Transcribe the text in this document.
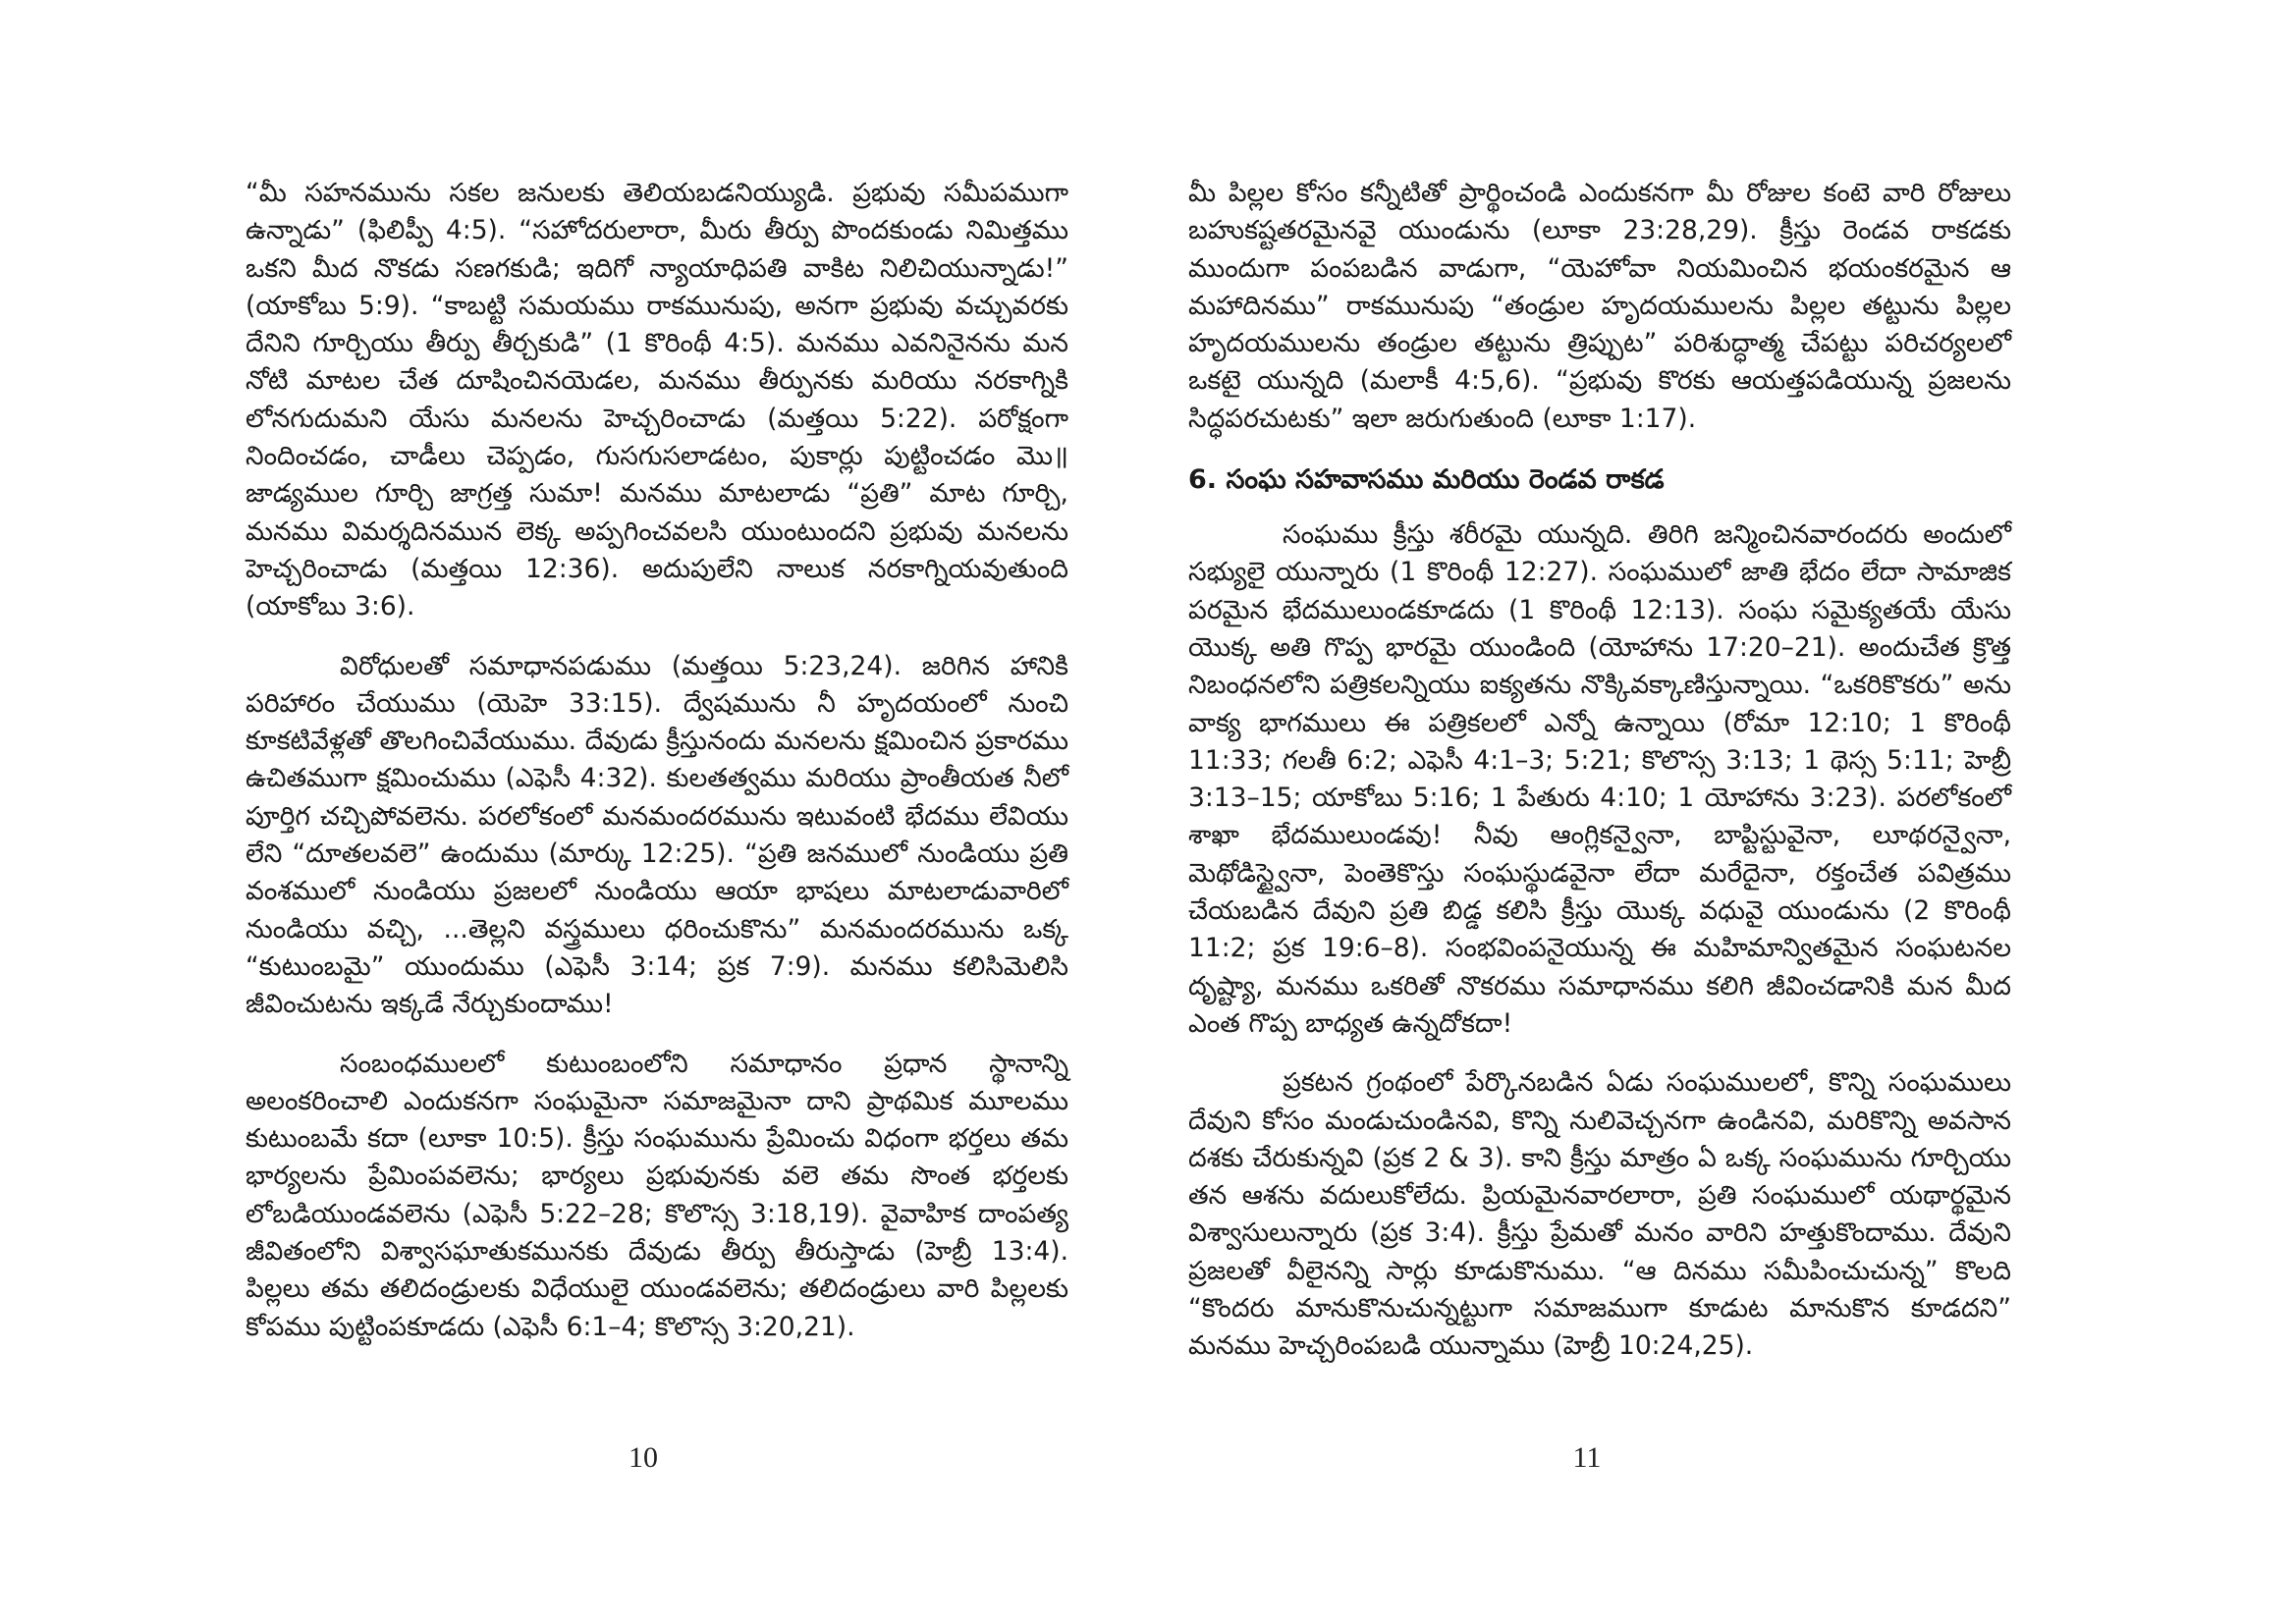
“మీ సహనమును సకల జనులకు తెలియబడనియ్యుడి. ప్రభువు సమీపముగా ఉన్నాడు” (ఫిలిప్పీ 4:5). “సహోదరులారా, మీరు తీర్పు పొందకుండు నిమిత్తము ఒకని మీద నొకడు సణగకుడి; ఇదిగో న్యాయాధిపతి వాకిట నిలిచియున్నాడు!” (యాకోబు 5:9). “కాబట్టి సమయము రాకమునుపు, అనగా ప్రభువు వచ్చువరకు దేనిని గూర్చియు తీర్పు తీర్చకుడి” (1 కొరింథీ 4:5). మనము ఎవనినైనను మన నోటి మాటల చేత దూషించినయెడల, మనము తీర్పునకు మరియు నరకాగ్నికి లోనగుదుమని యేసు మనలను హెచ్చరించాడు (మత్తయి 5:22). పరోక్షంగా నిందించడం, చాడీలు చెప్పడం, గుసగుసలాడటం, పుకార్లు పుట్టించడం మొ॥ జాడ్యముల గూర్చి జాగ్రత్త సుమా! మనము మాటలాడు “ప్రతి” మాట గూర్చి, మనము విమర్శదినమున లెక్క అప్పగించవలసి యుంటుందని ప్రభువు మనలను హెచ్చరించాడు (మత్తయి 12:36). అదుపులేని నాలుక నరకాగ్నియవుతుంది (యాకోబు 3:6).

విరోధులతో సమాధానపడుము (మత్తయి 5:23,24). జరిగిన హానికి పరిహారం చేయుము (యెహె 33:15). ద్వేషమును నీ హృదయంలో నుంచి కూకటివేళ్లతో తొలగించివేయుము. దేవుడు క్రీస్తునందు మనలను క్షమించిన ప్రకారము ఉచితముగా క్షమించుము (ఎఫెసీ 4:32). కులతత్వము మరియు ప్రాంతీయత నీలో పూర్తిగ చచ్చిపోవలెను. పరలోకంలో మనమందరమును ఇటువంటి భేదము లేవియు లేని “దూతలవలె” ఉందుము (మార్కు 12:25). “ప్రతి జనములో నుండియు ప్రతి వంశములో నుండియు ప్రజలలో నుండియు ఆయా భాషలు మాటలాడువారిలో నుండియు వచ్చి, ...తెల్లని వస్త్రములు ధరించుకొను” మనమందరమును ఒక్క “కుటుంబమై” యుందుము (ఎఫెసీ 3:14; ప్రక 7:9). మనము కలిసిమెలిసి జీవించుటను ఇక్కడే నేర్చుకుందాము!

సంబంధములలో కుటుంబంలోని సమాధానం ప్రధాన స్థానాన్ని అలంకరించాలి ఎందుకనగా సంఘమైనా సమాజమైనా దాని ప్రాథమిక మూలము కుటుంబమే కదా (లూకా 10:5). క్రీస్తు సంఘమును ప్రేమించు విధంగా భర్తలు తమ భార్యలను ప్రేమింపవలెను; భార్యలు ప్రభువునకు వలె తమ సొంత భర్తలకు లోబడియుండవలెను (ఎఫెసీ 5:22–28; కొలొస్స 3:18,19). వైవాహిక దాంపత్య జీవితంలోని విశ్వాసఘాతుకమునకు దేవుడు తీర్పు తీరుస్తాడు (హెబ్రీ 13:4). పిల్లలు తమ తలిదండ్రులకు విధేయులై యుండవలెను; తలిదండ్రులు వారి పిల్లలకు కోపము పుట్టింపకూడదు (ఎఫెసీ 6:1–4; కొలొస్స 3:20,21).

మీ పిల్లల కోసం కన్నీటితో ప్రార్థించండి ఎందుకనగా మీ రోజుల కంటె వారి రోజులు బహుకష్టతరమైనవై యుండును (లూకా 23:28,29). క్రీస్తు రెండవ రాకడకు ముందుగా పంపబడిన వాడుగా, “యెహోవా నియమించిన భయంకరమైన ఆ మహాదినము” రాకమునుపు “తండ్రుల హృదయములను పిల్లల తట్టును పిల్లల హృదయములను తండ్రుల తట్టును త్రిప్పుట” పరిశుద్ధాత్మ చేపట్టు పరిచర్యలలో ఒకటై యున్నది (మలాకీ 4:5,6). “ప్రభువు కొరకు ఆయత్తపడియున్న ప్రజలను సిద్ధపరచుటకు” ఇలా జరుగుతుంది (లూకా 1:17).

6. సంఘ సహవాసము మరియు రెండవ రాకడ

సంఘము క్రీస్తు శరీరమై యున్నది. తిరిగి జన్మించినవారందరు అందులో సభ్యులై యున్నారు (1 కొరింథీ 12:27). సంఘములో జాతి భేదం లేదా సామాజిక పరమైన భేదములుండకూడదు (1 కొరింథీ 12:13). సంఘ సమైక్యతయే యేసు యొక్క అతి గొప్ప భారమై యుండింది (యోహాను 17:20–21). అందుచేత క్రొత్త నిబంధనలోని పత్రికలన్నియు ఐక్యతను నొక్కివక్కాణిస్తున్నాయి. “ఒకరికొకరు” అను వాక్య భాగములు ఈ పత్రికలలో ఎన్నో ఉన్నాయి (రోమా 12:10; 1 కొరింథీ 11:33; గలతీ 6:2; ఎఫెసీ 4:1–3; 5:21; కొలొస్స 3:13; 1 థెస్స 5:11; హెబ్రీ 3:13–15; యాకోబు 5:16; 1 పేతురు 4:10; 1 యోహాను 3:23). పరలోకంలో శాఖా భేదములుండవు! నీవు ఆంగ్లికన్వైనా, బాప్టిస్టువైనా, లూథరన్వైనా, మెథోడిస్ట్వైనా, పెంతెకొస్తు సంఘస్థుడవైనా లేదా మరేదైనా, రక్తంచేత పవిత్రము చేయబడిన దేవుని ప్రతి బిడ్డ కలిసి క్రీస్తు యొక్క వధువై యుండును (2 కొరింథీ 11:2; ప్రక 19:6–8). సంభవింపనైయున్న ఈ మహిమాన్వితమైన సంఘటనల దృష్ట్యా, మనము ఒకరితో నొకరము సమాధానము కలిగి జీవించడానికి మన మీద ఎంత గొప్ప బాధ్యత ఉన్నదోకదా!

ప్రకటన గ్రంథంలో పేర్కొనబడిన ఏడు సంఘములలో, కొన్ని సంఘములు దేవుని కోసం మండుచుండినవి, కొన్ని నులివెచ్చనగా ఉండినవి, మరికొన్ని అవసాన దశకు చేరుకున్నవి (ప్రక 2 & 3). కాని క్రీస్తు మాత్రం ఏ ఒక్క సంఘమును గూర్చియు తన ఆశను వదులుకోలేదు. ప్రియమైనవారలారా, ప్రతి సంఘములో యథార్థమైన విశ్వాసులున్నారు (ప్రక 3:4). క్రీస్తు ప్రేమతో మనం వారిని హత్తుకొందాము. దేవుని ప్రజలతో వీలైనన్ని సార్లు కూడుకొనుము. “ఆ దినము సమీపించుచున్న” కొలది “కొందరు మానుకొనుచున్నట్టుగా సమాజముగా కూడుట మానుకొన కూడదని” మనము హెచ్చరింపబడి యున్నాము (హెబ్రీ 10:24,25).

10	11
